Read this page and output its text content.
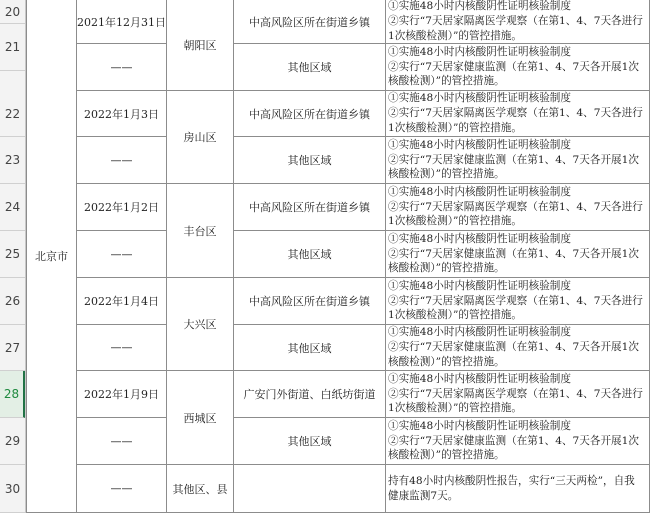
20
21
22
23
24
25
26
27
28
29
30
北京市
2021年12月31日
——
朝阳区
中高风险区所在街道乡镇
其他区域
①实施48小时内核酸阴性证明核验制度
②实行“7天居家隔离医学观察（在第1、4、7天各进行1次核酸检测）”的管控措施。
①实施48小时内核酸阴性证明核验制度
②实行“7天居家健康监测（在第1、4、7天各开展1次核酸检测）”的管控措施。
2022年1月3日
——
房山区
中高风险区所在街道乡镇
其他区域
①实施48小时内核酸阴性证明核验制度
②实行“7天居家隔离医学观察（在第1、4、7天各进行1次核酸检测）”的管控措施。
①实施48小时内核酸阴性证明核验制度
②实行“7天居家健康监测（在第1、4、7天各开展1次核酸检测）”的管控措施。
2022年1月2日
——
丰台区
中高风险区所在街道乡镇
其他区域
①实施48小时内核酸阴性证明核验制度
②实行“7天居家隔离医学观察（在第1、4、7天各进行1次核酸检测）”的管控措施。
①实施48小时内核酸阴性证明核验制度
②实行“7天居家健康监测（在第1、4、7天各开展1次核酸检测）”的管控措施。
2022年1月4日
——
大兴区
中高风险区所在街道乡镇
其他区域
①实施48小时内核酸阴性证明核验制度
②实行“7天居家隔离医学观察（在第1、4、7天各进行1次核酸检测）”的管控措施。
①实施48小时内核酸阴性证明核验制度
②实行“7天居家健康监测（在第1、4、7天各开展1次核酸检测）”的管控措施。
2022年1月9日
——
西城区
广安门外街道、白纸坊街道
其他区域
①实施48小时内核酸阴性证明核验制度
②实行“7天居家隔离医学观察（在第1、4、7天各进行1次核酸检测）”的管控措施。
①实施48小时内核酸阴性证明核验制度
②实行“7天居家健康监测（在第1、4、7天各开展1次核酸检测）”的管控措施。
——	其他区、县
持有48小时内核酸阴性报告，实行“三天两检”，自我健康监测7天。
